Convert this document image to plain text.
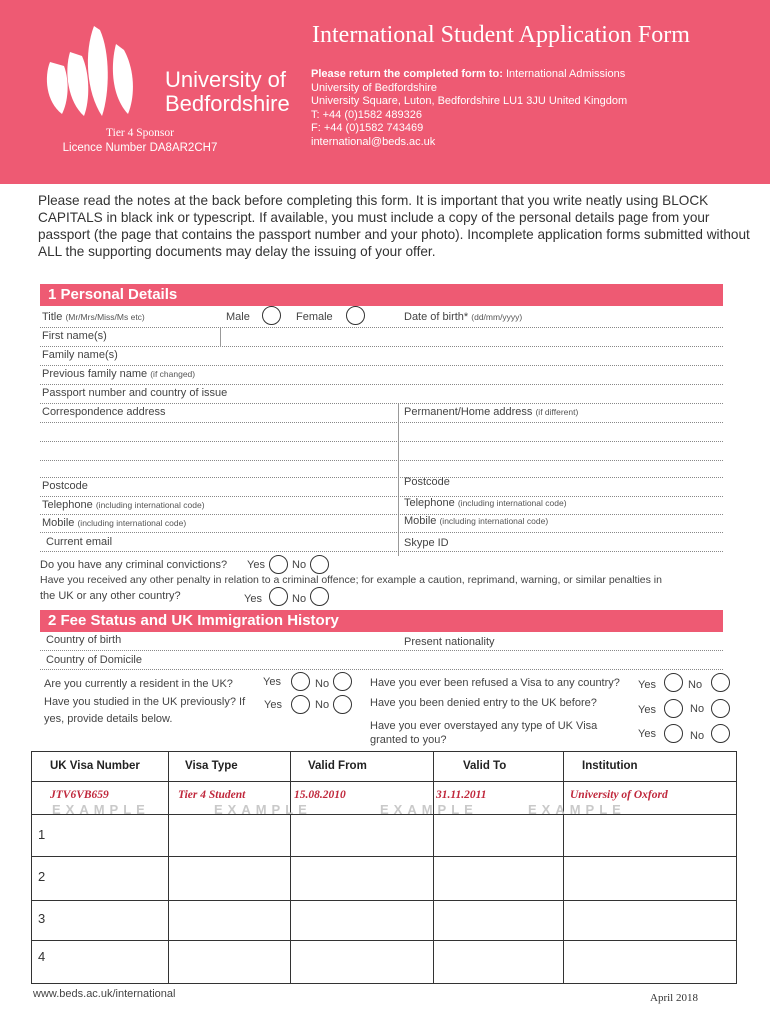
University of
Bedfordshire
Tier 4 Sponsor
Licence Number DA8AR2CH7
International Student Application Form
Please return the completed form to: International Admissions
University of Bedfordshire
University Square, Luton, Bedfordshire LU1 3JU United Kingdom
T: +44 (0)1582 489326
F: +44 (0)1582 743469
international@beds.ac.uk
Please read the notes at the back before completing this form. It is important that you write neatly using BLOCK CAPITALS in black ink or typescript. If available, you must include a copy of the personal details page from your passport (the page that contains the passport number and your photo). Incomplete application forms submitted without ALL the supporting documents may delay the issuing of your offer.
1 Personal Details
Title (Mr/Mrs/Miss/Ms etc)	Male	Female	Date of birth* (dd/mm/yyyy)
First name(s)
Family name(s)
Previous family name (if changed)
Passport number and country of issue
Correspondence address	Permanent/Home address (if different)
Postcode	Postcode
Telephone (including international code)	Telephone (including international code)
Mobile (including international code)	Mobile (including international code)
Current email	Skype ID
Do you have any criminal convictions? Yes No
Have you received any other penalty in relation to a criminal offence; for example a caution, reprimand, warning, or similar penalties in
the UK or any other country?	Yes	No
2 Fee Status and UK Immigration History
Country of birth	Present nationality
Country of Domicile
Are you currently a resident in the UK?	Yes	No
Have you studied in the UK previously? If
yes, provide details below.
Yes	No
Have you ever been refused a Visa to any country? Yes	No
Have you been denied entry to the UK before?
Yes	No
Have you ever overstayed any type of UK Visa
granted to you?	Yes	No
UK Visa Number	Visa Type	Valid From	Valid To	Institution
JTV6VB659	Tier 4 Student	15.08.2010	31.11.2011	University of Oxford
EXAMPLE	EXAMPLE	EXAMPLE	EXAMPLE
1
2
3
4
www.beds.ac.uk/international	April 2018
